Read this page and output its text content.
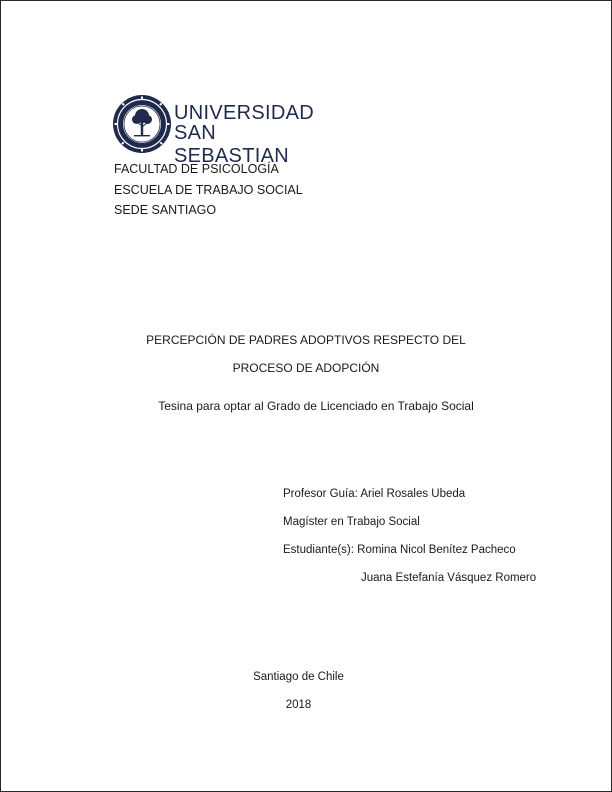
UNIVERSIDAD
SAN SEBASTIAN
FACULTAD DE PSICOLOGÍA
ESCUELA DE TRABAJO SOCIAL
SEDE SANTIAGO
PERCEPCIÓN DE PADRES ADOPTIVOS RESPECTO DEL
PROCESO DE ADOPCIÓN
Tesina para optar al Grado de Licenciado en Trabajo Social
Profesor Guía: Ariel Rosales Ubeda
Magíster en Trabajo Social
Estudiante(s): Romina Nicol Benítez Pacheco
Juana Estefanía Vásquez Romero
Santiago de Chile
2018
